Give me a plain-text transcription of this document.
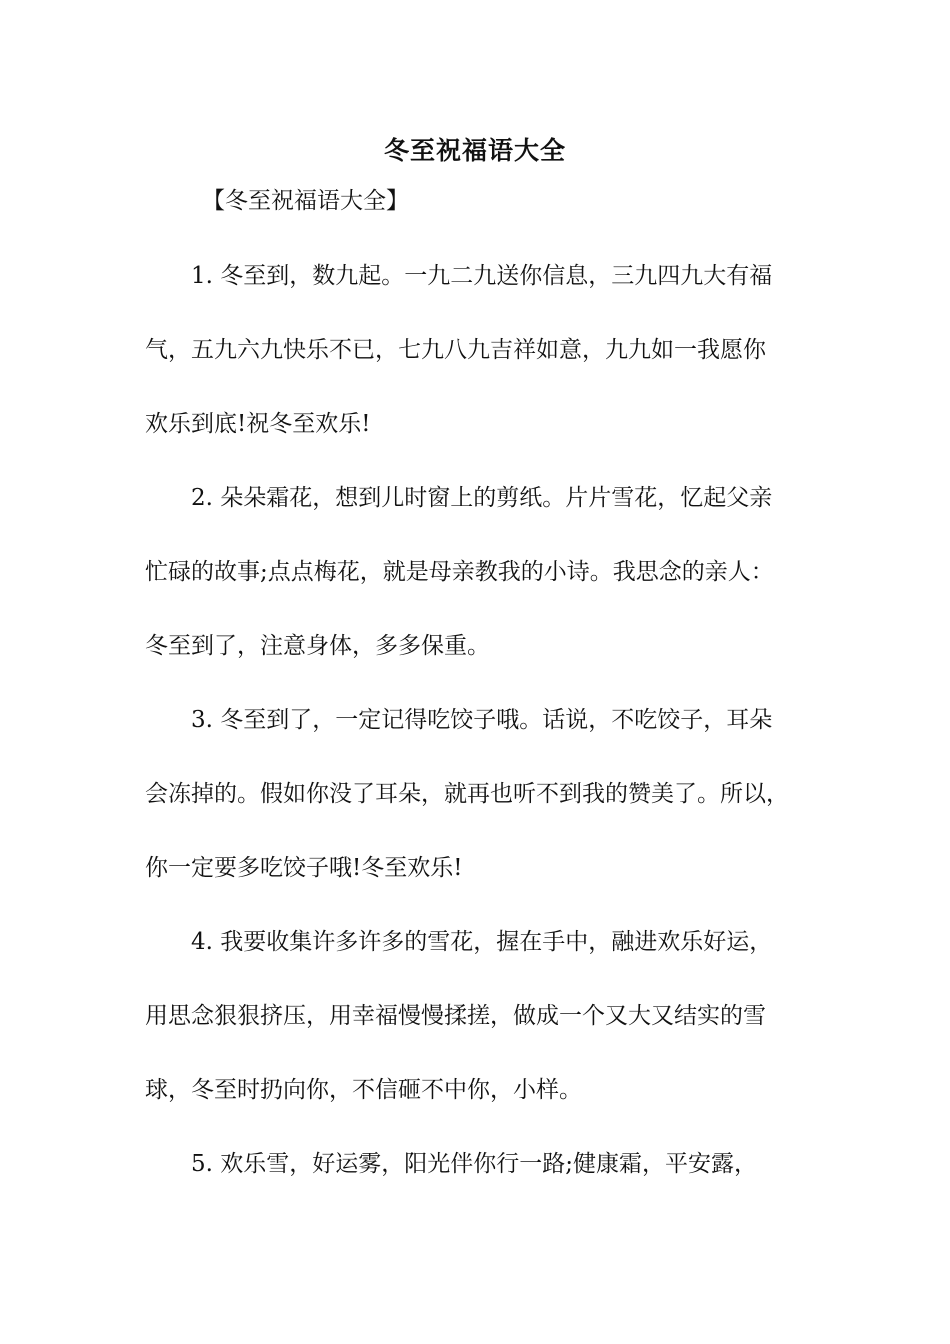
冬至祝福语大全
【冬至祝福语大全】
1. 冬至到，数九起。一九二九送你信息，三九四九大有福
气，五九六九快乐不已，七九八九吉祥如意，九九如一我愿你
欢乐到底!祝冬至欢乐!
2. 朵朵霜花，想到儿时窗上的剪纸。片片雪花，忆起父亲
忙碌的故事;点点梅花，就是母亲教我的小诗。我思念的亲人：
冬至到了，注意身体，多多保重。
3. 冬至到了，一定记得吃饺子哦。话说，不吃饺子，耳朵
会冻掉的。假如你没了耳朵，就再也听不到我的赞美了。所以，
你一定要多吃饺子哦!冬至欢乐!
4. 我要收集许多许多的雪花，握在手中，融进欢乐好运，
用思念狠狠挤压，用幸福慢慢揉搓，做成一个又大又结实的雪
球，冬至时扔向你，不信砸不中你，小样。
5. 欢乐雪，好运雾，阳光伴你行一路;健康霜，平安露，
